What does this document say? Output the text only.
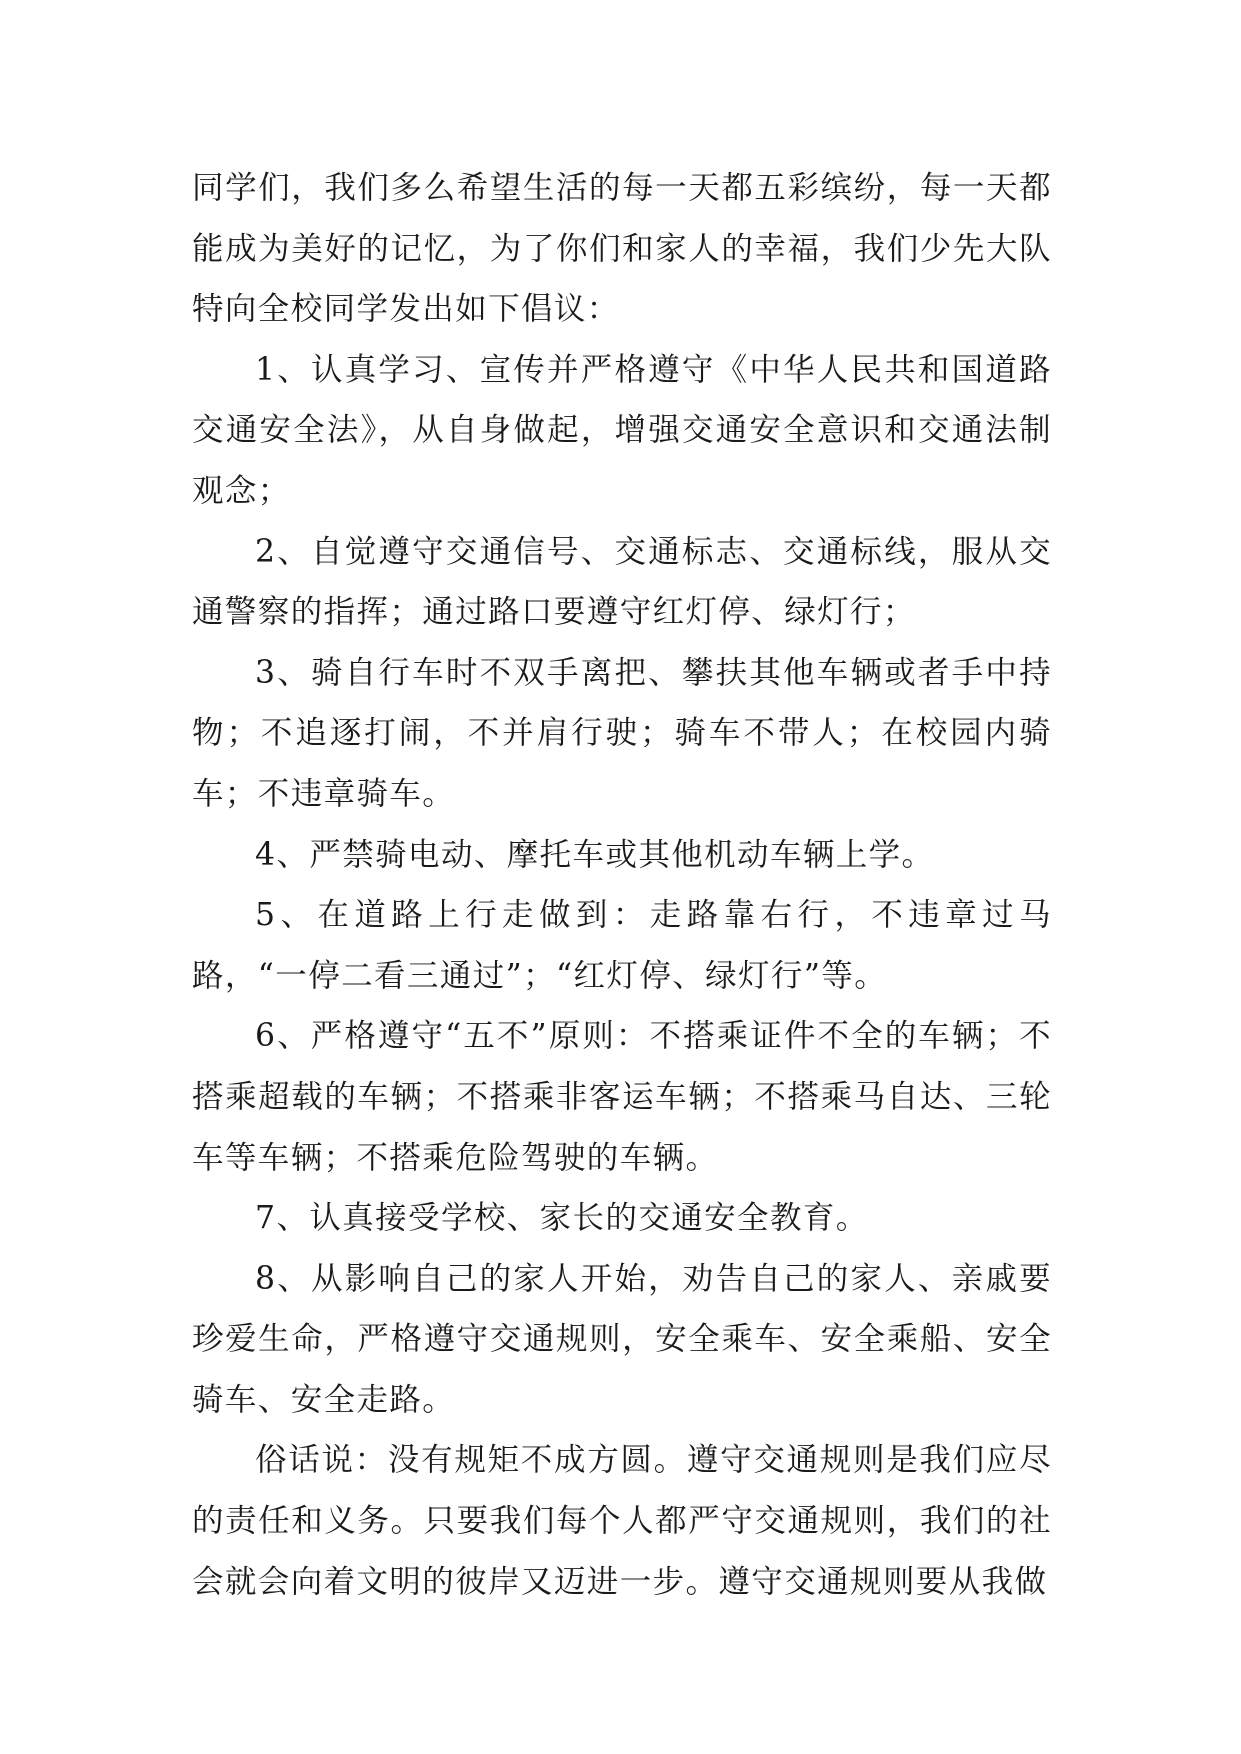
同学们，我们多么希望生活的每一天都五彩缤纷，每一天都能成为美好的记忆，为了你们和家人的幸福，我们少先大队特向全校同学发出如下倡议：

1、认真学习、宣传并严格遵守《中华人民共和国道路交通安全法》，从自身做起，增强交通安全意识和交通法制观念；

2、自觉遵守交通信号、交通标志、交通标线，服从交通警察的指挥；通过路口要遵守红灯停、绿灯行；

3、骑自行车时不双手离把、攀扶其他车辆或者手中持物；不追逐打闹，不并肩行驶；骑车不带人；在校园内骑车；不违章骑车。

4、严禁骑电动、摩托车或其他机动车辆上学。

5、在道路上行走做到：走路靠右行，不违章过马路，“一停二看三通过”；“红灯停、绿灯行”等。

6、严格遵守“五不”原则：不搭乘证件不全的车辆；不搭乘超载的车辆；不搭乘非客运车辆；不搭乘马自达、三轮车等车辆；不搭乘危险驾驶的车辆。

7、认真接受学校、家长的交通安全教育。

8、从影响自己的家人开始，劝告自己的家人、亲戚要珍爱生命，严格遵守交通规则，安全乘车、安全乘船、安全骑车、安全走路。

俗话说：没有规矩不成方圆。遵守交通规则是我们应尽的责任和义务。只要我们每个人都严守交通规则，我们的社会就会向着文明的彼岸又迈进一步。遵守交通规则要从我做
